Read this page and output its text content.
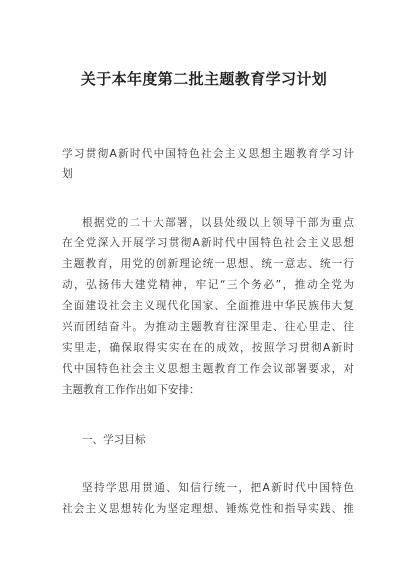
关于本年度第二批主题教育学习计划
学习贯彻A新时代中国特色社会主义思想主题教育学习计
划
根据党的二十大部署，以县处级以上领导干部为重点
在全党深入开展学习贯彻A新时代中国特色社会主义思想
主题教育，用党的创新理论统一思想、统一意志、统一行
动，弘扬伟大建党精神，牢记“三个务必”，推动全党为
全面建设社会主义现代化国家、全面推进中华民族伟大复
兴而团结奋斗。为推动主题教育往深里走、往心里走、往
实里走，确保取得实实在在的成效，按照学习贯彻A新时
代中国特色社会主义思想主题教育工作会议部署要求，对
主题教育工作作出如下安排：
一、学习目标
坚持学思用贯通、知信行统一，把A新时代中国特色
社会主义思想转化为坚定理想、锤炼党性和指导实践、推
